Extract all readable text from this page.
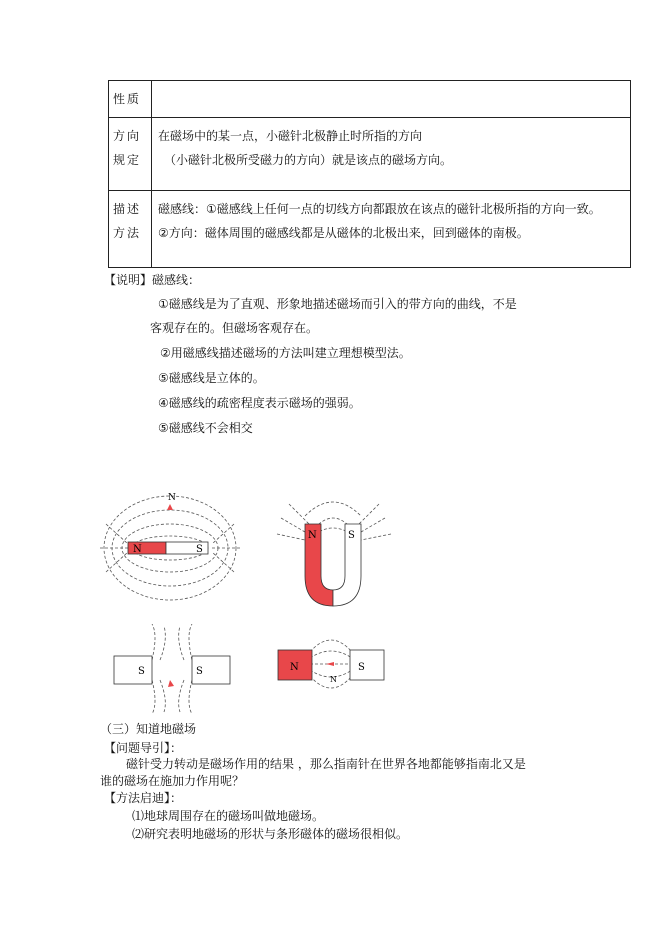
性质	
方向规定	在磁场中的某一点，小磁针北极静止时所指的方向
（小磁针北极所受磁力的方向）就是该点的磁场方向。

描述方法	磁感线：①磁感线上任何一点的切线方向都跟放在该点的磁针北极所指的方向一致。
②方向：磁体周围的磁感线都是从磁体的北极出来，回到磁体的南极。
【说明】磁感线：
①磁感线是为了直观、形象地描述磁场而引入的带方向的曲线，不是
客观存在的。但磁场客观存在。
②用磁感线描述磁场的方法叫建立理想模型法。
⑤磁感线是立体的。
④磁感线的疏密程度表示磁场的强弱。
⑤磁感线不会相交
N	S
N
N	S
S	S	N	S
N
（三）知道地磁场
【问题导引】：
磁针受力转动是磁场作用的结果 ，那么指南针在世界各地都能够指南北又是
谁的磁场在施加力作用呢？
【方法启迪】：
⑴地球周围存在的磁场叫做地磁场。
⑵研究表明地磁场的形状与条形磁体的磁场很相似。
